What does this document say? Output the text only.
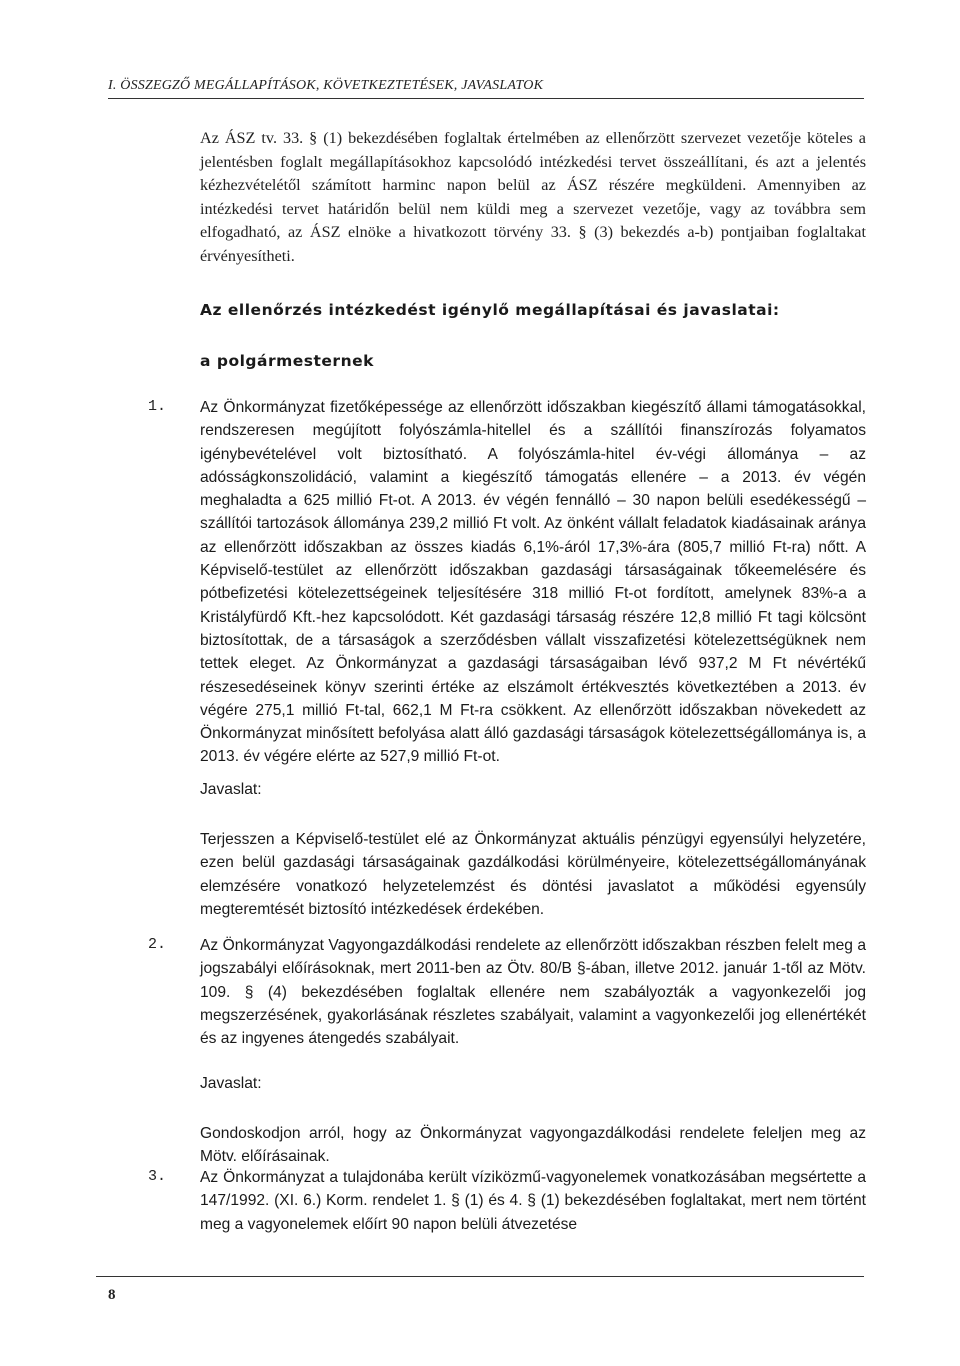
I. ÖSSZEGZŐ MEGÁLLAPÍTÁSOK, KÖVETKEZTETÉSEK, JAVASLATOK

Az ÁSZ tv. 33. § (1) bekezdésében foglaltak értelmében az ellenőrzött szervezet vezetője köteles a jelentésben foglalt megállapításokhoz kapcsolódó intézkedési tervet összeállítani, és azt a jelentés kézhezvételétől számított harminc napon belül az ÁSZ részére megküldeni. Amennyiben az intézkedési tervet határidőn belül nem küldi meg a szervezet vezetője, vagy az továbbra sem elfogadható, az ÁSZ elnöke a hivatkozott törvény 33. § (3) bekezdés a-b) pontjaiban foglaltakat érvényesítheti.

Az ellenőrzés intézkedést igénylő megállapításai és javaslatai:
a polgármesternek
1. Az Önkormányzat fizetőképessége az ellenőrzött időszakban kiegészítő állami támogatásokkal, rendszeresen megújított folyószámla-hitellel és a szállítói finanszírozás folyamatos igénybevételével volt biztosítható. A folyószámla-hitel év-végi állománya – az adósságkonszolidáció, valamint a kiegészítő támogatás ellenére – a 2013. év végén meghaladta a 625 millió Ft-ot. A 2013. év végén fennálló – 30 napon belüli esedékességű – szállítói tartozások állománya 239,2 millió Ft volt. Az önként vállalt feladatok kiadásainak aránya az ellenőrzött időszakban az összes kiadás 6,1%-áról 17,3%-ára (805,7 millió Ft-ra) nőtt. A Képviselő-testület az ellenőrzött időszakban gazdasági társaságainak tőkeemelésére és pótbefizetési kötelezettségeinek teljesítésére 318 millió Ft-ot fordított, amelynek 83%-a a Kristályfürdő Kft.-hez kapcsolódott. Két gazdasági társaság részére 12,8 millió Ft tagi kölcsönt biztosítottak, de a társaságok a szerződésben vállalt visszafizetési kötelezettségüknek nem tettek eleget. Az Önkormányzat a gazdasági társaságaiban lévő 937,2 M Ft névértékű részesedéseinek könyv szerinti értéke az elszámolt értékvesztés következtében a 2013. év végére 275,1 millió Ft-tal, 662,1 M Ft-ra csökkent. Az ellenőrzött időszakban növekedett az Önkormányzat minősített befolyása alatt álló gazdasági társaságok kötelezettségállománya is, a 2013. év végére elérte az 527,9 millió Ft-ot.

Javaslat:

Terjesszen a Képviselő-testület elé az Önkormányzat aktuális pénzügyi egyensúlyi helyzetére, ezen belül gazdasági társaságainak gazdálkodási körülményeire, kötelezettségállományának elemzésére vonatkozó helyzetelemzést és döntési javaslatot a működési egyensúly megteremtését biztosító intézkedések érdekében.

2. Az Önkormányzat Vagyongazdálkodási rendelete az ellenőrzött időszakban részben felelt meg a jogszabályi előírásoknak, mert 2011-ben az Ötv. 80/B §-ában, illetve 2012. január 1-től az Mötv. 109. § (4) bekezdésében foglaltak ellenére nem szabályozták a vagyonkezelői jog megszerzésének, gyakorlásának részletes szabályait, valamint a vagyonkezelői jog ellenértékét és az ingyenes átengedés szabályait.

Javaslat:

Gondoskodjon arról, hogy az Önkormányzat vagyongazdálkodási rendelete feleljen meg az Mötv. előírásainak.

3. Az Önkormányzat a tulajdonába került víziközmű-vagyonelemek vonatkozásában megsértette a 147/1992. (XI. 6.) Korm. rendelet 1. § (1) és 4. § (1) bekezdésében foglaltakat, mert nem történt meg a vagyonelemek előírt 90 napon belüli átvezetése

8
